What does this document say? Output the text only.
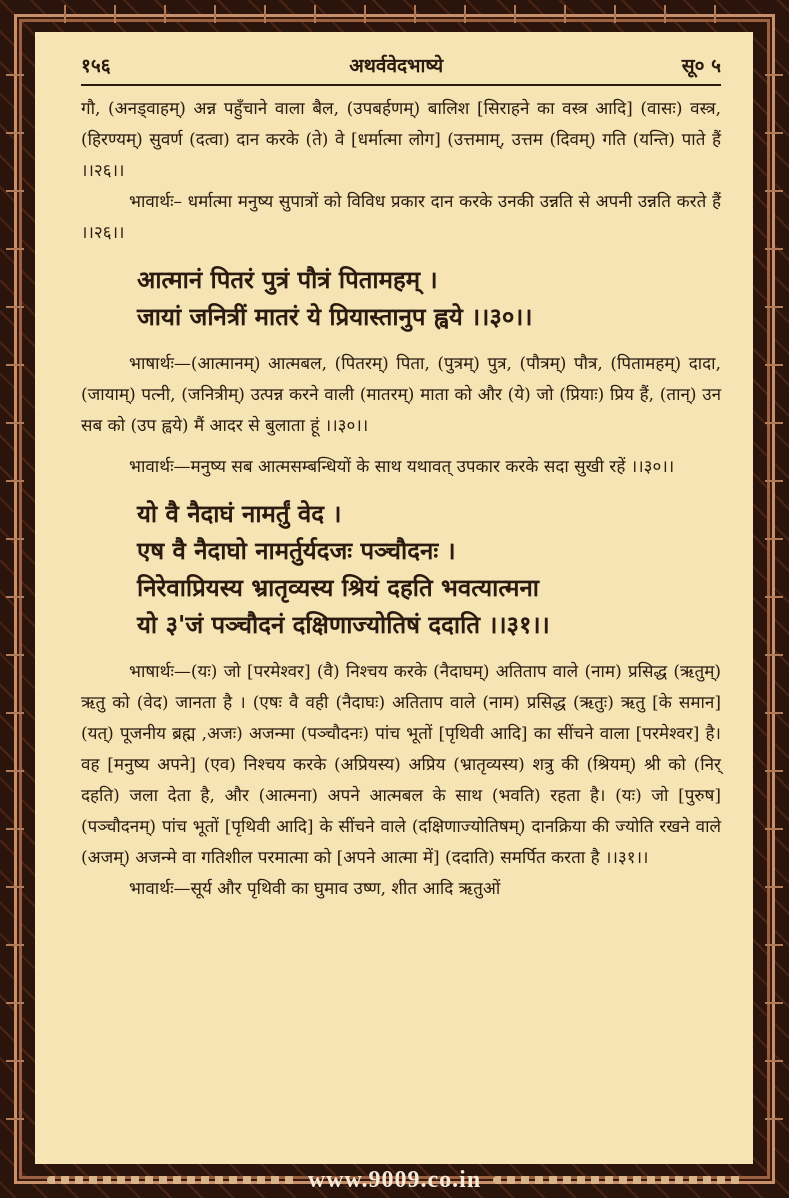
१५६	अथर्ववेदभाष्ये	सू० ५

गौ, (अनड्वाहम्) अन्न पहुँचाने वाला बैल, (उपबर्हणम्) बालिश [सिराहने का वस्त्र आदि] (वासः) वस्त्र, (हिरण्यम्) सुवर्ण (दत्वा) दान करके (ते) वे [धर्मात्मा लोग] (उत्तमाम्, उत्तम (दिवम्) गति (यन्ति) पाते हैं ।।२६।।

भावार्थः– धर्मात्मा मनुष्य सुपात्रों को विविध प्रकार दान करके उनकी उन्नति से अपनी उन्नति करते हैं ।।२६।।

आत्मानं पितरं पुत्रं पौत्रं पितामहम् ।
जायां जनित्रीं मातरं ये प्रियास्तानुप ह्वये ।।३०।।

भाषार्थः—(आत्मानम्) आत्मबल, (पितरम्) पिता, (पुत्रम्) पुत्र, (पौत्रम्) पौत्र, (पितामहम्) दादा, (जायाम्) पत्नी, (जनित्रीम्) उत्पन्न करने वाली (मातरम्) माता को और (ये) जो (प्रियाः) प्रिय हैं, (तान्) उन सब को (उप ह्वये) मैं आदर से बुलाता हूं ।।३०।।

भावार्थः—मनुष्य सब आत्मसम्बन्धियों के साथ यथावत् उपकार करके सदा सुखी रहें ।।३०।।

यो वै नैदाघं नामर्तुं वेद ।
एष वै नैदाघो नामर्तुर्यदजः पञ्चौदनः ।
निरेवाप्रियस्य भ्रातृव्यस्य श्रियं दहति भवत्यात्मना
यो ३'जं पञ्चौदनं दक्षिणाज्योतिषं ददाति ।।३१।।

भाषार्थः—(यः) जो [परमेश्वर] (वै) निश्चय करके (नैदाघम्) अतिताप वाले (नाम) प्रसिद्ध (ऋतुम्) ऋतु को (वेद) जानता है । (एषः वै वही (नैदाघः) अतिताप वाले (नाम) प्रसिद्ध (ऋतुः) ऋतु [के समान] (यत्) पूजनीय ब्रह्म ,अजः) अजन्मा (पञ्चौदनः) पांच भूतों [पृथिवी आदि] का सींचने वाला [परमेश्वर] है। वह [मनुष्य अपने] (एव) निश्चय करके (अप्रियस्य) अप्रिय (भ्रातृव्यस्य) शत्रु की (श्रियम्) श्री को (निर् दहति) जला देता है, और (आत्मना) अपने आत्मबल के साथ (भवति) रहता है। (यः) जो [पुरुष] (पञ्चौदनम्) पांच भूतों [पृथिवी आदि] के सींचने वाले (दक्षिणाज्योतिषम्) दानक्रिया की ज्योति रखने वाले (अजम्) अजन्मे वा गतिशील परमात्मा को [अपने आत्मा में] (ददाति) समर्पित करता है ।।३१।।

भावार्थः—सूर्य और पृथिवी का घुमाव उष्ण, शीत आदि ऋतुओं

www.9009.co.in
